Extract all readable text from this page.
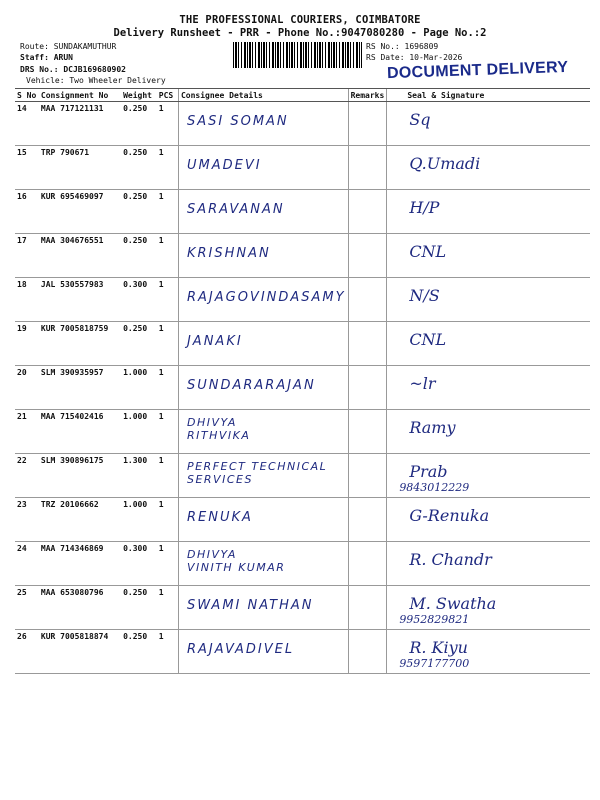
THE PROFESSIONAL COURIERS, COIMBATORE
Delivery Runsheet - PRR - Phone No.:9047080280 - Page No.:2
Route: SUNDAKAMUTHUR
Staff: ARUN
DRS No.: DCJB169680902
Vehicle: Two Wheeler Delivery
RS No.: 1696809
RS Date: 10-Mar-2026
DOCUMENT DELIVERY
S No	Consignment No	Weight	PCS	Consignee Details	Remarks	Seal & Signature
14	MAA 717121131	0.250	1	SASI SOMAN		Sq

15	TRP 790671	0.250	1	UMADEVI		Q.Umadi

16	KUR 695469097	0.250	1	SARAVANAN		H/P

17	MAA 304676551	0.250	1	KRISHNAN		CNL

18	JAL 530557983	0.300	1	RAJAGOVINDASAMY		N/S

19	KUR 7005818759	0.250	1	JANAKI		CNL

20	SLM 390935957	1.000	1	SUNDARARAJAN		~lr

21	MAA 715402416	1.000	1	DHIVYA
RITHVIKA		Ramy

22	SLM 390896175	1.300	1	PERFECT TECHNICAL
SERVICES		Prab
9843012229

23	TRZ 20106662	1.000	1	RENUKA		G-Renuka

24	MAA 714346869	0.300	1	DHIVYA
VINITH KUMAR		R. Chandr

25	MAA 653080796	0.250	1	SWAMI NATHAN		M. Swatha
9952829821

26	KUR 7005818874	0.250	1	RAJAVADIVEL		R. Kiyu
9597177700
